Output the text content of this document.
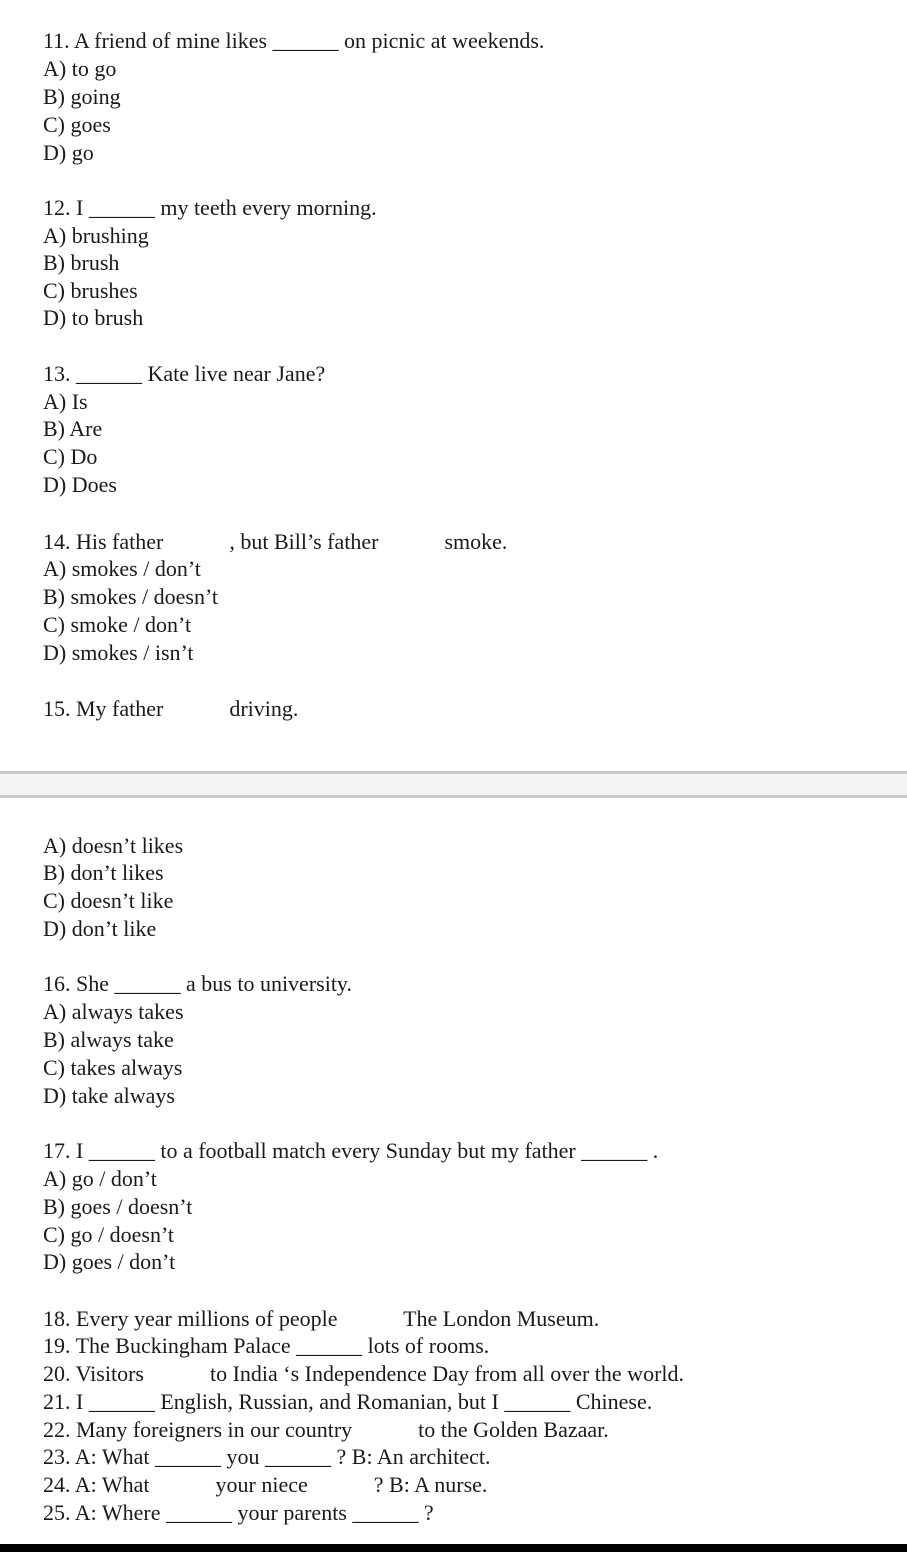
11. A friend of mine likes ______ on picnic at weekends.
A) to go
B) going
C) goes
D) go
12. I ______ my teeth every morning.
A) brushing
B) brush
C) brushes
D) to brush
13. ______ Kate live near Jane?
A) Is
B) Are
C) Do
D) Does
14. His father            , but Bill’s father            smoke.
A) smokes / don’t
B) smokes / doesn’t
C) smoke / don’t
D) smokes / isn’t
15. My father            driving.
A) doesn’t likes
B) don’t likes
C) doesn’t like
D) don’t like
16. She ______ a bus to university.
A) always takes
B) always take
C) takes always
D) take always
17. I ______ to a football match every Sunday but my father ______ .
A) go / don’t
B) goes / doesn’t
C) go / doesn’t
D) goes / don’t
18. Every year millions of people            The London Museum.
19. The Buckingham Palace ______ lots of rooms.
20. Visitors            to India ‘s Independence Day from all over the world.
21. I ______ English, Russian, and Romanian, but I ______ Chinese.
22. Many foreigners in our country            to the Golden Bazaar.
23. A: What ______ you ______ ? B: An architect.
24. A: What            your niece            ? B: A nurse.
25. A: Where ______ your parents ______ ?
